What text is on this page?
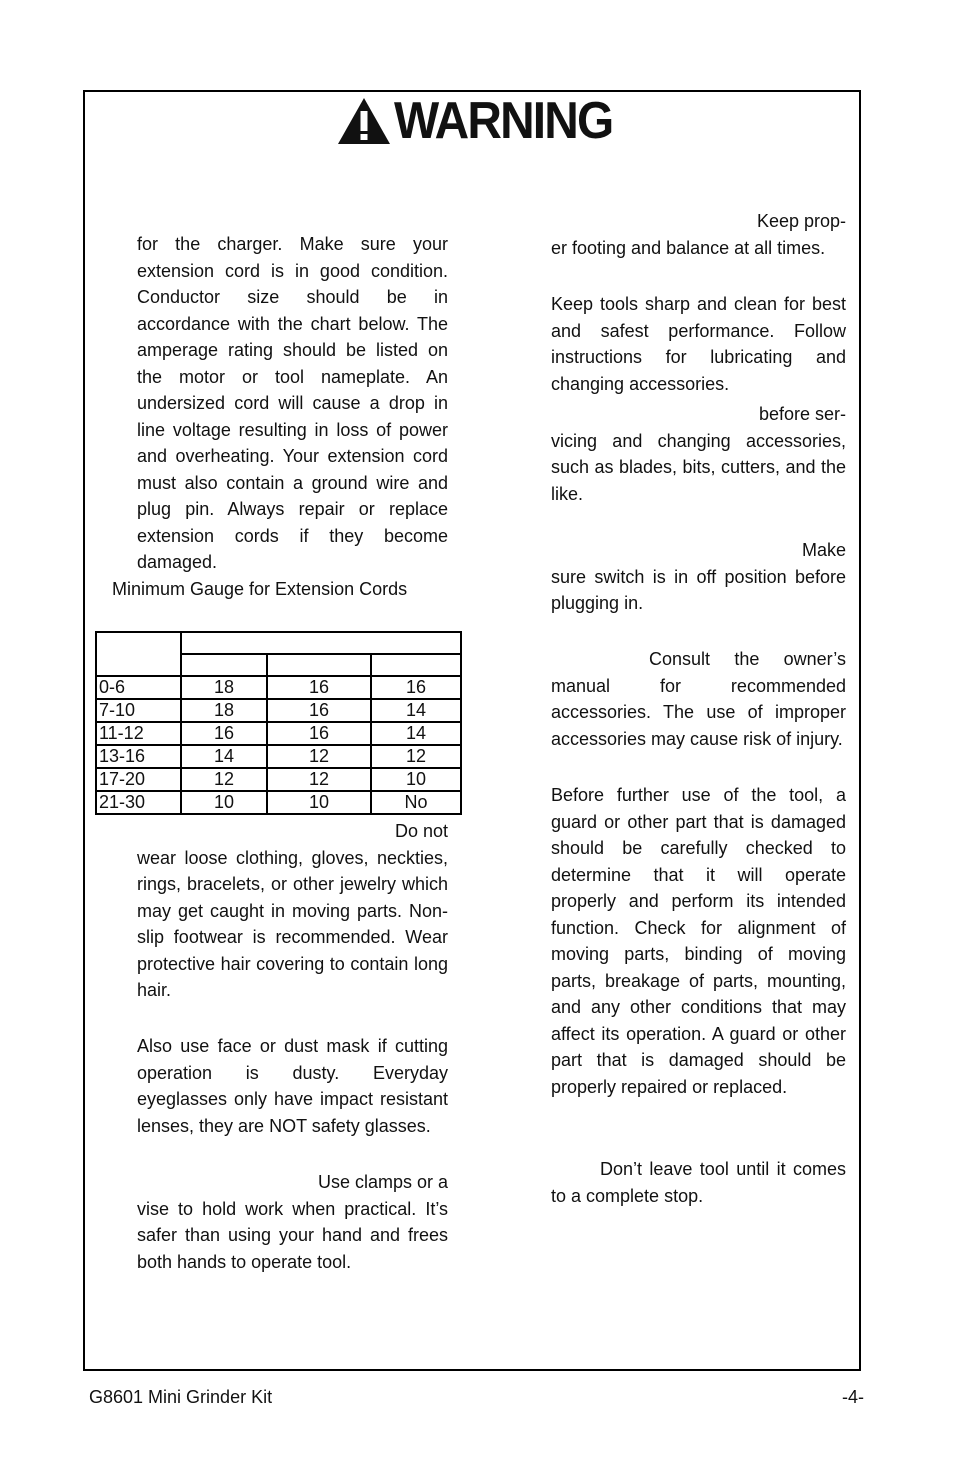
WARNING

for the charger. Make sure your extension cord is in good condition. Conductor size should be in accordance with the chart below. The amperage rating should be listed on the motor or tool nameplate. An undersized cord will cause a drop in line voltage resulting in loss of power and overheating. Your extension cord must also contain a ground wire and plug pin. Always repair or replace extension cords if they become damaged.

Minimum Gauge for Extension Cords

0-6	18	16	16
7-10	18	16	14
11-12	16	16	14
13-16	14	12	12
17-20	12	12	10
21-30	10	10	No

Do not
wear loose clothing, gloves, neckties, rings, bracelets, or other jewelry which may get caught in moving parts. Non-slip footwear is recommended. Wear protective hair covering to contain long hair.

Also use face or dust mask if cutting operation is dusty. Everyday eyeglasses only have impact resistant lenses, they are NOT safety glasses.

Use clamps or a
vise to hold work when practical. It’s safer than using your hand and frees both hands to operate tool.

Keep prop-
er footing and balance at all times.

Keep tools sharp and clean for best and safest performance. Follow instructions for lubricating and changing accessories.

before ser-
vicing and changing accessories, such as blades, bits, cutters, and the like.

Make
sure switch is in off position before plugging in.

Consult the owner’s manual for recommended accessories. The use of improper accessories may cause risk of injury.

Before further use of the tool, a guard or other part that is damaged should be carefully checked to determine that it will operate properly and perform its intended function. Check for alignment of moving parts, binding of moving parts, breakage of parts, mounting, and any other conditions that may affect its operation. A guard or other part that is damaged should be properly repaired or replaced.

Don’t leave tool until it comes to a complete stop.

G8601 Mini Grinder Kit	-4-
